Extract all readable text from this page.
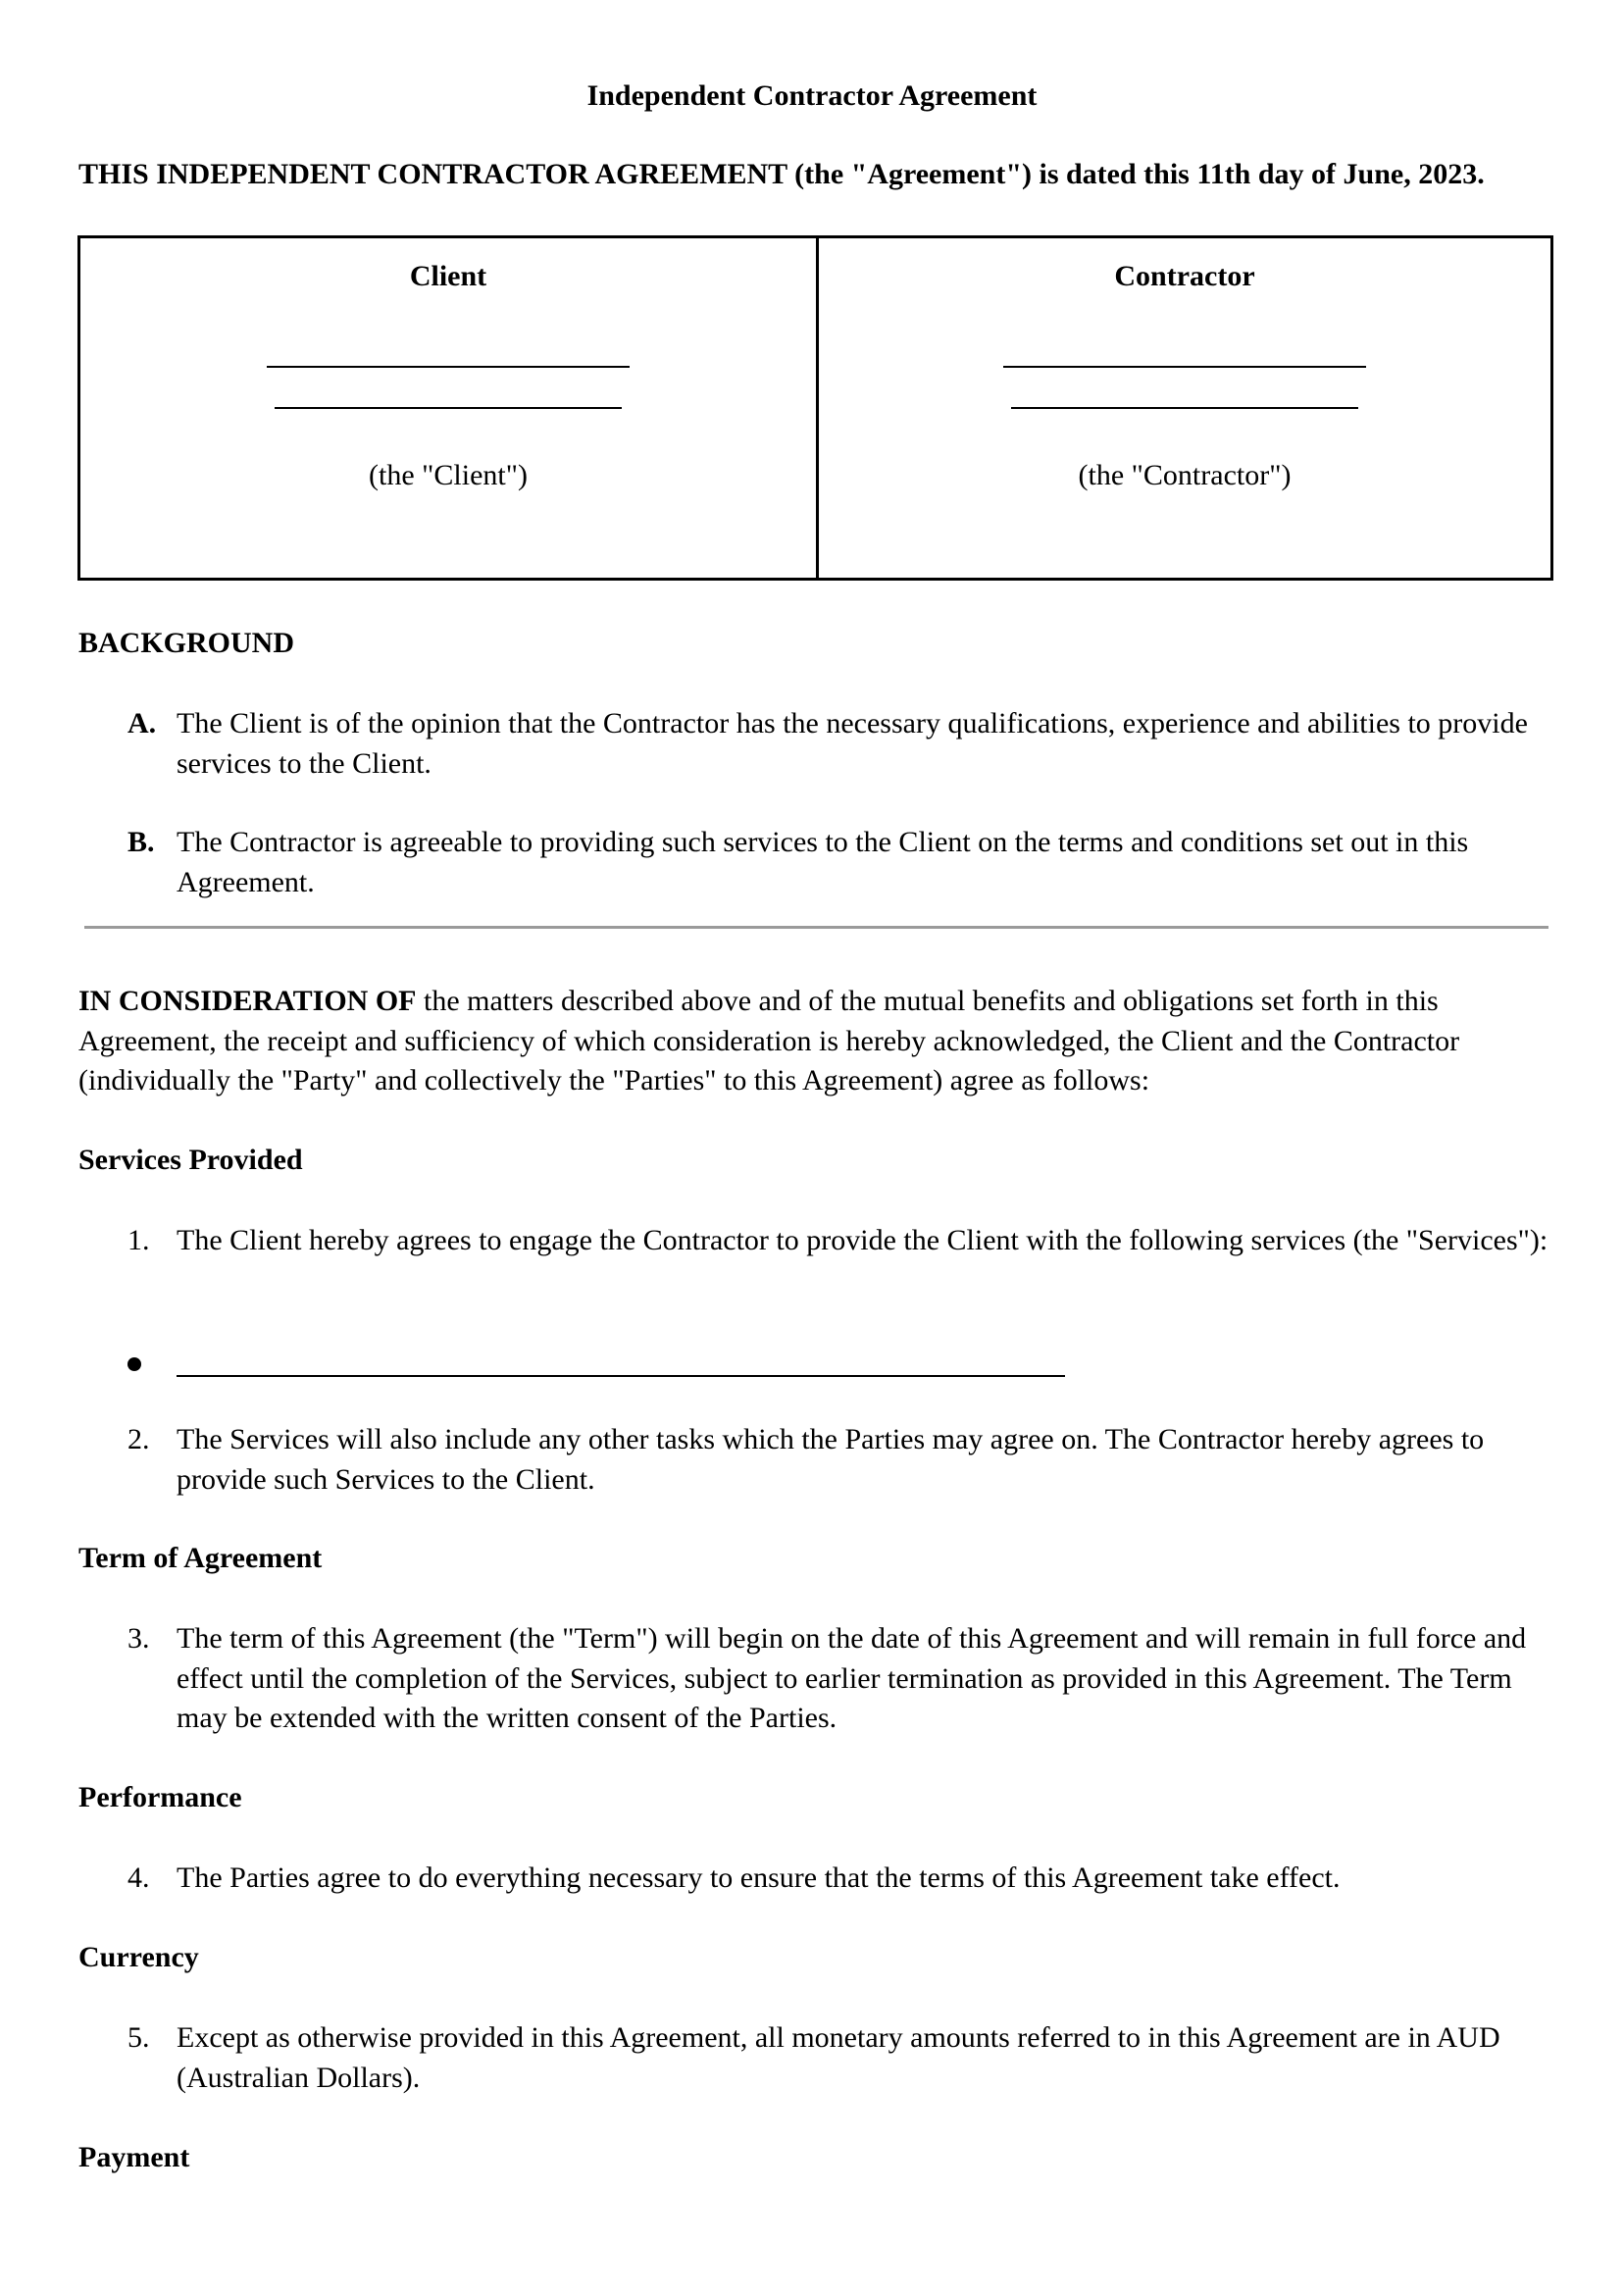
Independent Contractor Agreement

THIS INDEPENDENT CONTRACTOR AGREEMENT (the "Agreement") is dated this 11th day of June, 2023.

Client
(the "Client")
Contractor
(the "Contractor")
BACKGROUND
A. The Client is of the opinion that the Contractor has the necessary qualifications, experience and abilities to provide services to the Client.

B. The Contractor is agreeable to providing such services to the Client on the terms and conditions set out in this Agreement.

IN CONSIDERATION OF the matters described above and of the mutual benefits and obligations set forth in this Agreement, the receipt and sufficiency of which consideration is hereby acknowledged, the Client and the Contractor (individually the "Party" and collectively the "Parties" to this Agreement) agree as follows:

Services Provided
1. The Client hereby agrees to engage the Contractor to provide the Client with the following services (the "Services"):

2. The Services will also include any other tasks which the Parties may agree on. The Contractor hereby agrees to provide such Services to the Client.

Term of Agreement
3. The term of this Agreement (the "Term") will begin on the date of this Agreement and will remain in full force and effect until the completion of the Services, subject to earlier termination as provided in this Agreement. The Term may be extended with the written consent of the Parties.

Performance
4. The Parties agree to do everything necessary to ensure that the terms of this Agreement take effect.

Currency
5. Except as otherwise provided in this Agreement, all monetary amounts referred to in this Agreement are in AUD (Australian Dollars).

Payment
